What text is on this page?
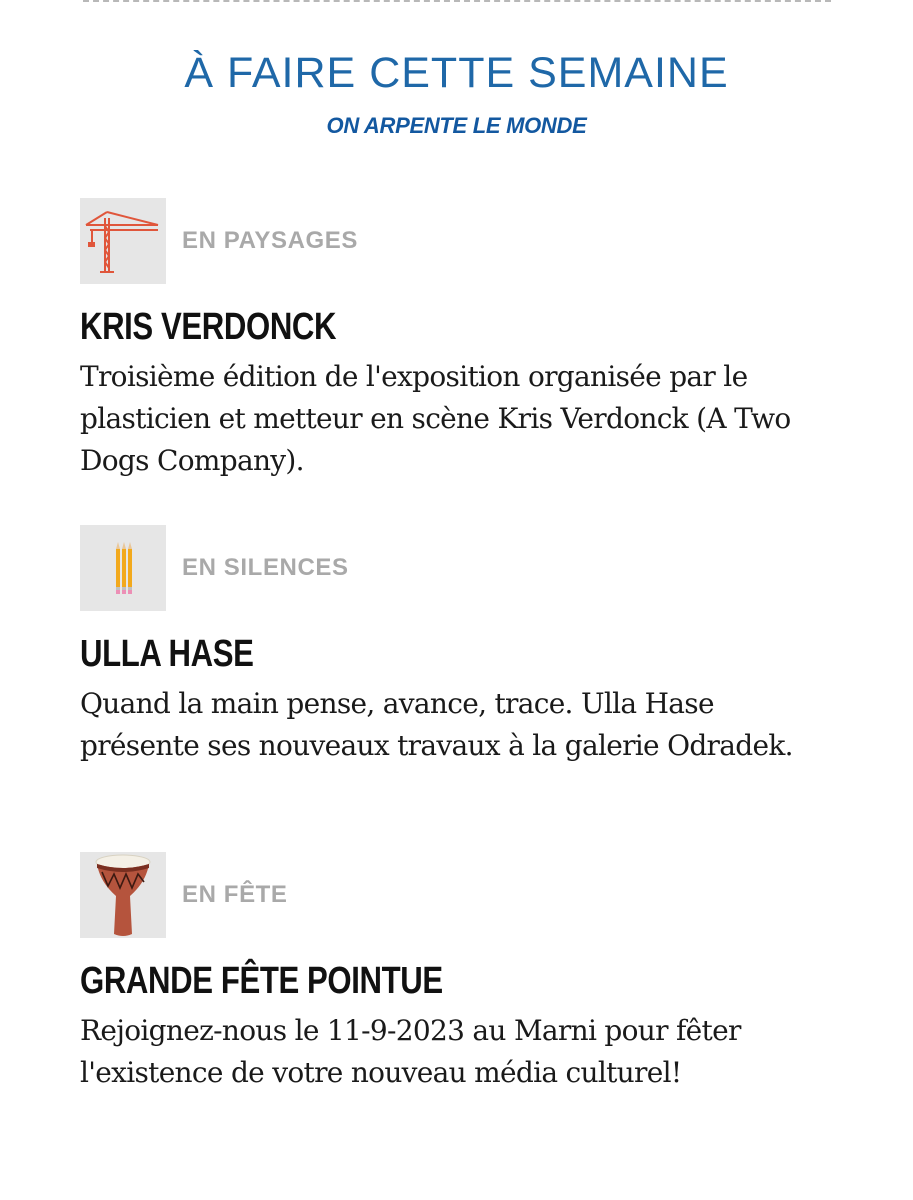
À FAIRE CETTE SEMAINE
ON ARPENTE LE MONDE
EN PAYSAGES
KRIS VERDONCK

Troisième édition de l'exposition organisée par le plasticien et metteur en scène Kris Verdonck (A Two Dogs Company).

EN SILENCES
ULLA HASE

Quand la main pense, avance, trace. Ulla Hase présente ses nouveaux travaux à la galerie Odradek.

EN FÊTE
GRANDE FÊTE POINTUE

Rejoignez-nous le 11-9-2023 au Marni pour fêter l'existence de votre nouveau média culturel!
